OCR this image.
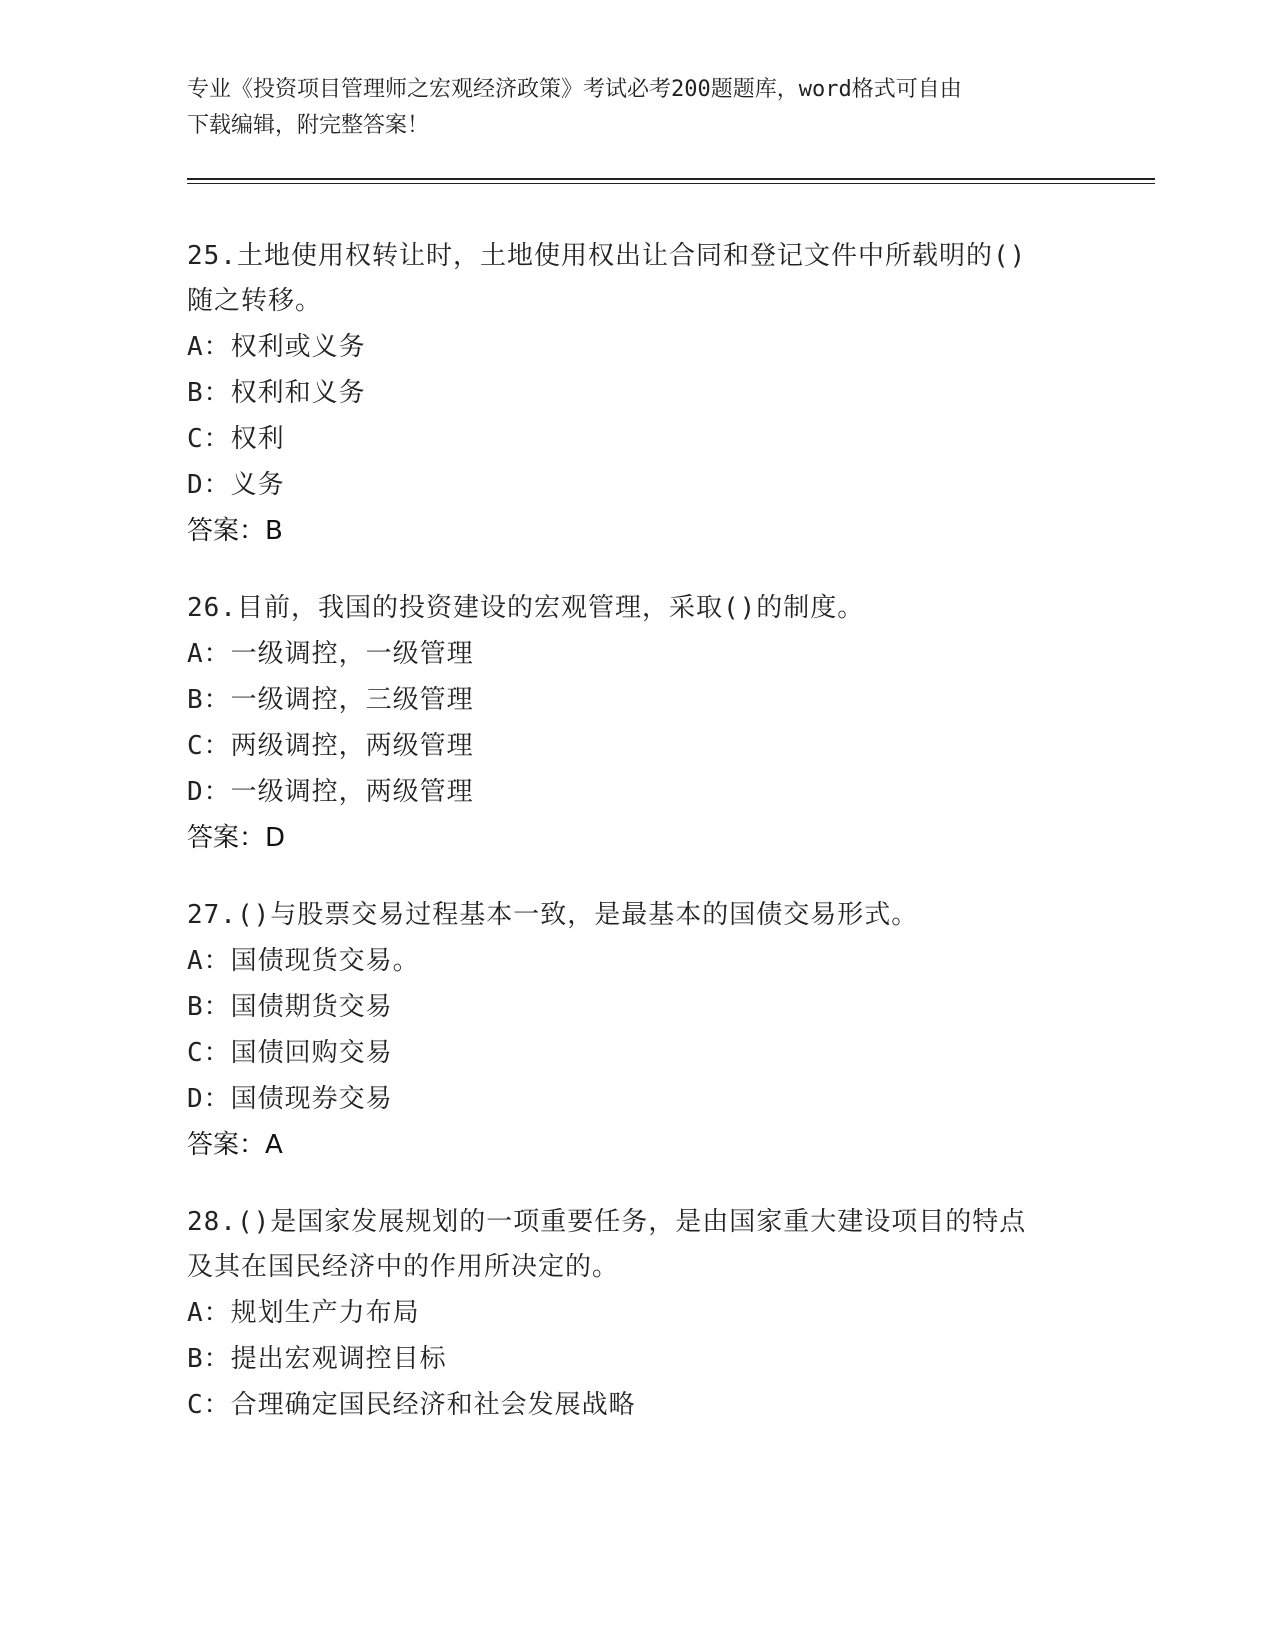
专业《投资项目管理师之宏观经济政策》考试必考200题题库，word格式可自由
下载编辑，附完整答案！
25.土地使用权转让时，土地使用权出让合同和登记文件中所载明的()
随之转移。
A：权利或义务
B：权利和义务
C：权利
D：义务
答案：B
26.目前，我国的投资建设的宏观管理，采取()的制度。
A：一级调控，一级管理
B：一级调控，三级管理
C：两级调控，两级管理
D：一级调控，两级管理
答案：D
27.()与股票交易过程基本一致，是最基本的国债交易形式。
A：国债现货交易。
B：国债期货交易
C：国债回购交易
D：国债现券交易
答案：A
28.()是国家发展规划的一项重要任务，是由国家重大建设项目的特点
及其在国民经济中的作用所决定的。
A：规划生产力布局
B：提出宏观调控目标
C：合理确定国民经济和社会发展战略
